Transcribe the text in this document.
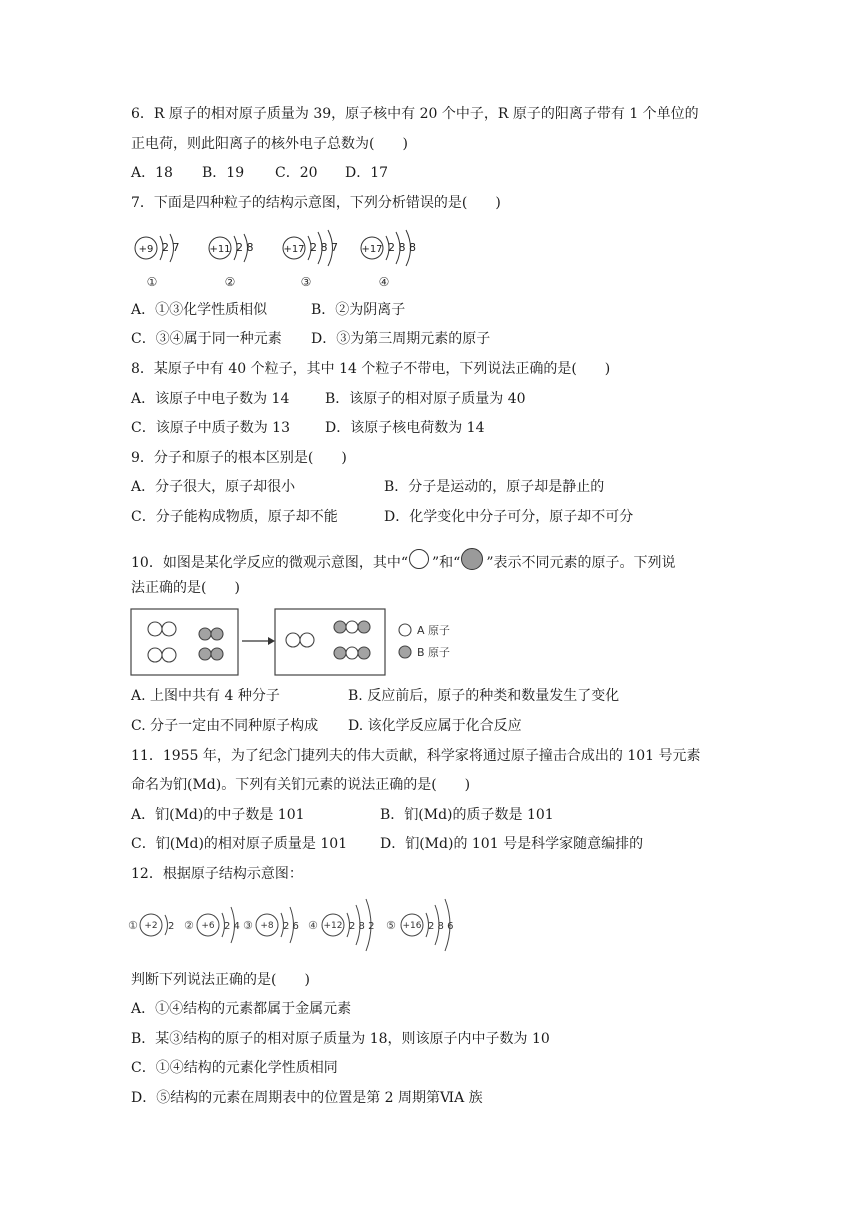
6．R 原子的相对原子质量为 39，原子核中有 20 个中子，R 原子的阳离子带有 1 个单位的
正电荷，则此阳离子的核外电子总数为(　　)
A．18 B．19 C．20 D．17
7．下面是四种粒子的结构示意图，下列分析错误的是(　　)
+9	+11	+17	+17
2 7	2 8	2 8 7	2 8 8
①	②	③	④
A．①③化学性质相似	B．②为阴离子
C．③④属于同一种元素 D．③为第三周期元素的原子
8．某原子中有 40 个粒子，其中 14 个粒子不带电，下列说法正确的是(　　)
A．该原子中电子数为 14	B．该原子的相对原子质量为 40
C．该原子中质子数为 13	D．该原子核电荷数为 14
9．分子和原子的根本区别是(　　)
A．分子很大，原子却很小	B．分子是运动的，原子却是静止的
C．分子能构成物质，原子却不能	D．化学变化中分子可分，原子却不可分
10．如图是某化学反应的微观示意图，其中“ ”和“ ”表示不同元素的原子。下列说
法正确的是(　　)
A 原子
B 原子
A. 上图中共有 4 种分子	B. 反应前后，原子的种类和数量发生了变化
C. 分子一定由不同种原子构成 D. 该化学反应属于化合反应
11．1955 年，为了纪念门捷列夫的伟大贡献，科学家将通过原子撞击合成出的 101 号元素
命名为钔(Md)。下列有关钔元素的说法正确的是(　　)
A．钔(Md)的中子数是 101	B．钔(Md)的质子数是 101
C．钔(Md)的相对原子质量是 101 D．钔(Md)的 101 号是科学家随意编排的
12．根据原子结构示意图：
①	②	③	④	⑤
+2	+6	+8	+12	+16
2	2 4	2 6	2 8 2	2 8 6
判断下列说法正确的是(　　)
A．①④结构的元素都属于金属元素
B．某③结构的原子的相对原子质量为 18，则该原子内中子数为 10
C．①④结构的元素化学性质相同
D．⑤结构的元素在周期表中的位置是第 2 周期第ⅥA 族
